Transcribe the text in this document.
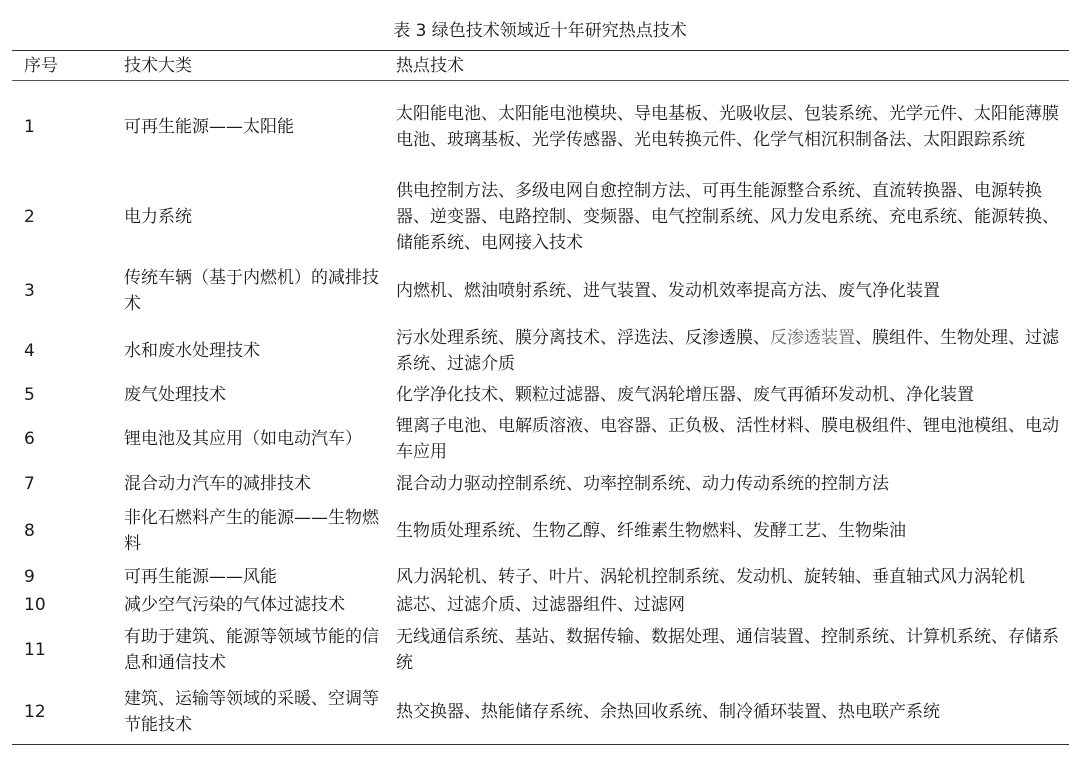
表 3 绿色技术领域近十年研究热点技术
序号	技术大类	热点技术
1	可再生能源——太阳能	太阳能电池、太阳能电池模块、导电基板、光吸收层、包装系统、光学元件、太阳能薄膜电池、玻璃基板、光学传感器、光电转换元件、化学气相沉积制备法、太阳跟踪系统
2	电力系统	供电控制方法、多级电网自愈控制方法、可再生能源整合系统、直流转换器、电源转换器、逆变器、电路控制、变频器、电气控制系统、风力发电系统、充电系统、能源转换、储能系统、电网接入技术
3	传统车辆（基于内燃机）的减排技术	内燃机、燃油喷射系统、进气装置、发动机效率提高方法、废气净化装置
4	水和废水处理技术	污水处理系统、膜分离技术、浮选法、反渗透膜、反渗透装置、膜组件、生物处理、过滤系统、过滤介质
5	废气处理技术	化学净化技术、颗粒过滤器、废气涡轮增压器、废气再循环发动机、净化装置
6	锂电池及其应用（如电动汽车）	锂离子电池、电解质溶液、电容器、正负极、活性材料、膜电极组件、锂电池模组、电动车应用
7	混合动力汽车的减排技术	混合动力驱动控制系统、功率控制系统、动力传动系统的控制方法
8	非化石燃料产生的能源——生物燃料	生物质处理系统、生物乙醇、纤维素生物燃料、发酵工艺、生物柴油
9	可再生能源——风能	风力涡轮机、转子、叶片、涡轮机控制系统、发动机、旋转轴、垂直轴式风力涡轮机
10	减少空气污染的气体过滤技术	滤芯、过滤介质、过滤器组件、过滤网
11	有助于建筑、能源等领域节能的信息和通信技术	无线通信系统、基站、数据传输、数据处理、通信装置、控制系统、计算机系统、存储系统
12	建筑、运输等领域的采暖、空调等节能技术	热交换器、热能储存系统、余热回收系统、制冷循环装置、热电联产系统
